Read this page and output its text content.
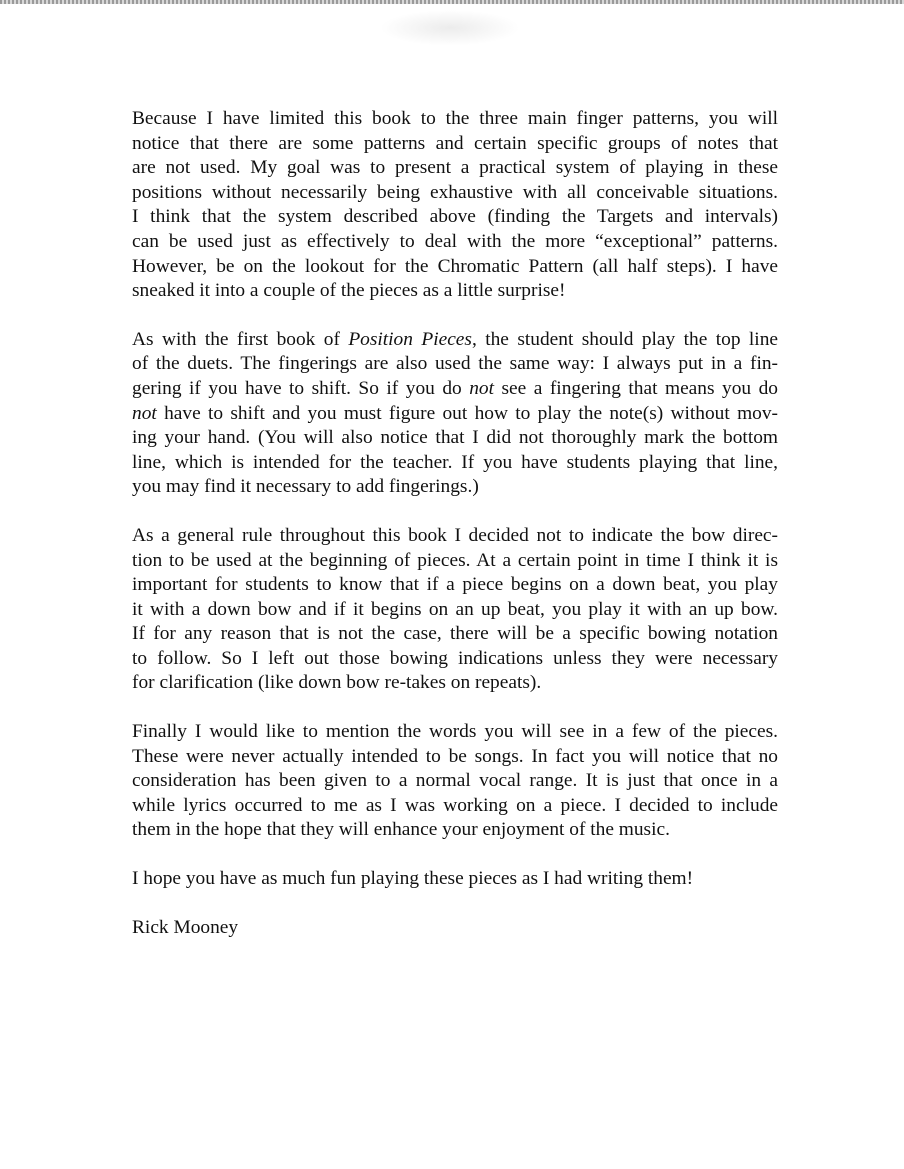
Because I have limited this book to the three main finger patterns, you will
notice that there are some patterns and certain specific groups of notes that
are not used. My goal was to present a practical system of playing in these
positions without necessarily being exhaustive with all conceivable situations.
I think that the system described above (finding the Targets and intervals)
can be used just as effectively to deal with the more “exceptional” patterns.
However, be on the lookout for the Chromatic Pattern (all half steps). I have
sneaked it into a couple of the pieces as a little surprise!

As with the first book of Position Pieces, the student should play the top line
of the duets. The fingerings are also used the same way: I always put in a fin-
gering if you have to shift. So if you do not see a fingering that means you do
not have to shift and you must figure out how to play the note(s) without mov-
ing your hand. (You will also notice that I did not thoroughly mark the bottom
line, which is intended for the teacher. If you have students playing that line,
you may find it necessary to add fingerings.)

As a general rule throughout this book I decided not to indicate the bow direc-
tion to be used at the beginning of pieces. At a certain point in time I think it is
important for students to know that if a piece begins on a down beat, you play
it with a down bow and if it begins on an up beat, you play it with an up bow.
If for any reason that is not the case, there will be a specific bowing notation
to follow. So I left out those bowing indications unless they were necessary
for clarification (like down bow re-takes on repeats).

Finally I would like to mention the words you will see in a few of the pieces.
These were never actually intended to be songs. In fact you will notice that no
consideration has been given to a normal vocal range. It is just that once in a
while lyrics occurred to me as I was working on a piece. I decided to include
them in the hope that they will enhance your enjoyment of the music.

I hope you have as much fun playing these pieces as I had writing them!

Rick Mooney
